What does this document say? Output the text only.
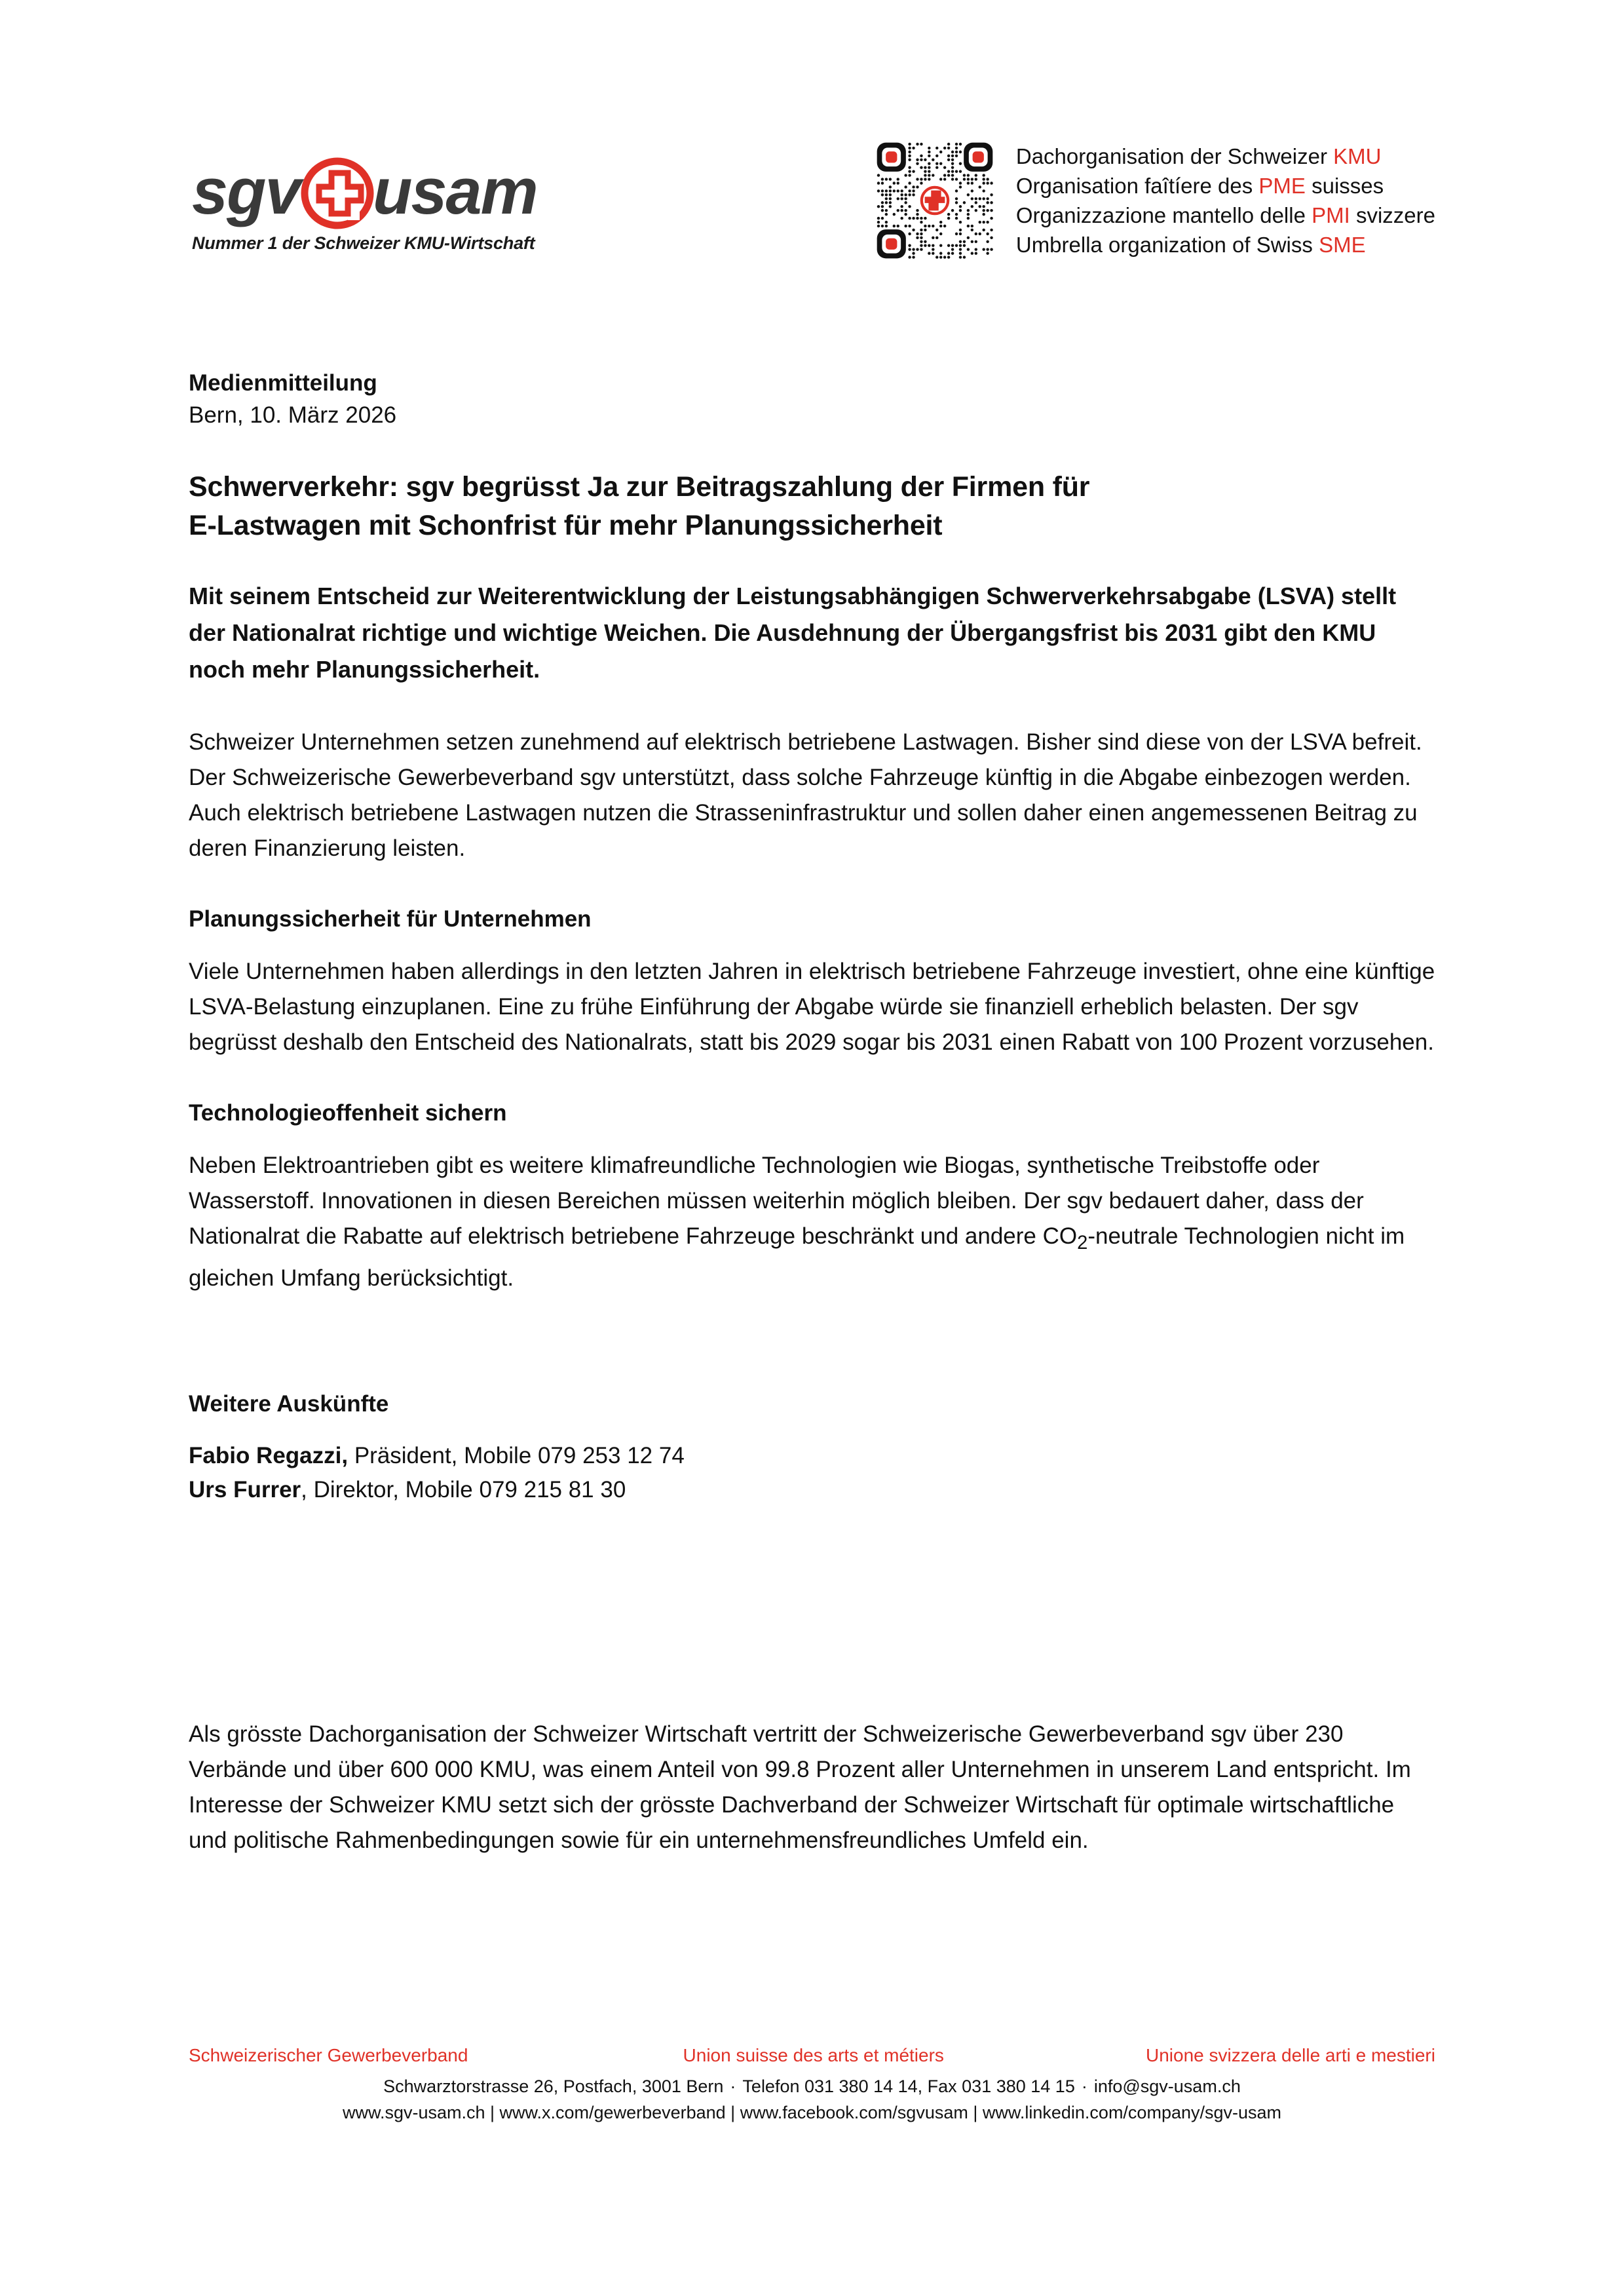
sgv usam
Nummer 1 der Schweizer KMU-Wirtschaft
Dachorganisation der Schweizer KMU
Organisation faîtíere des PME suisses
Organizzazione mantello delle PMI svizzere
Umbrella organization of Swiss SME
Medienmitteilung
Bern, 10. März 2026
Schwerverkehr: sgv begrüsst Ja zur Beitragszahlung der Firmen für
E-Lastwagen mit Schonfrist für mehr Planungssicherheit

Mit seinem Entscheid zur Weiterentwicklung der Leistungsabhängigen Schwerverkehrsabgabe (LSVA) stellt der Nationalrat richtige und wichtige Weichen. Die Ausdehnung der Übergangsfrist bis 2031 gibt den KMU noch mehr Planungssicherheit.

Schweizer Unternehmen setzen zunehmend auf elektrisch betriebene Lastwagen. Bisher sind diese von der LSVA befreit. Der Schweizerische Gewerbeverband sgv unterstützt, dass solche Fahrzeuge künftig in die Abgabe einbezogen werden. Auch elektrisch betriebene Lastwagen nutzen die Strasseninfrastruktur und sollen daher einen angemessenen Beitrag zu deren Finanzierung leisten.

Planungssicherheit für Unternehmen

Viele Unternehmen haben allerdings in den letzten Jahren in elektrisch betriebene Fahrzeuge investiert, ohne eine künftige LSVA-Belastung einzuplanen. Eine zu frühe Einführung der Abgabe würde sie finanziell erheblich belasten. Der sgv begrüsst deshalb den Entscheid des Nationalrats, statt bis 2029 sogar bis 2031 einen Rabatt von 100 Prozent vorzusehen.

Technologieoffenheit sichern

Neben Elektroantrieben gibt es weitere klimafreundliche Technologien wie Biogas, synthetische Treibstoffe oder Wasserstoff. Innovationen in diesen Bereichen müssen weiterhin möglich bleiben. Der sgv bedauert daher, dass der Nationalrat die Rabatte auf elektrisch betriebene Fahrzeuge beschränkt und andere $CO_2$-neutrale Technologien nicht im gleichen Umfang berücksichtigt.

Weitere Auskünfte
Fabio Regazzi, Präsident, Mobile 079 253 12 74
Urs Furrer, Direktor, Mobile 079 215 81 30
Als grösste Dachorganisation der Schweizer Wirtschaft vertritt der Schweizerische Gewerbeverband sgv über 230 Verbände und über 600 000 KMU, was einem Anteil von 99.8 Prozent aller Unternehmen in unserem Land entspricht. Im Interesse der Schweizer KMU setzt sich der grösste Dachverband der Schweizer Wirtschaft für optimale wirtschaftliche und politische Rahmenbedingungen sowie für ein unternehmensfreundliches Umfeld ein.
Schweizerischer Gewerbeverband	Union suisse des arts et métiers	Unione svizzera delle arti e mestieri
Schwarztorstrasse 26, Postfach, 3001 Bern · Telefon 031 380 14 14, Fax 031 380 14 15 · info@sgv-usam.ch
www.sgv-usam.ch | www.x.com/gewerbeverband | www.facebook.com/sgvusam | www.linkedin.com/company/sgv-usam
